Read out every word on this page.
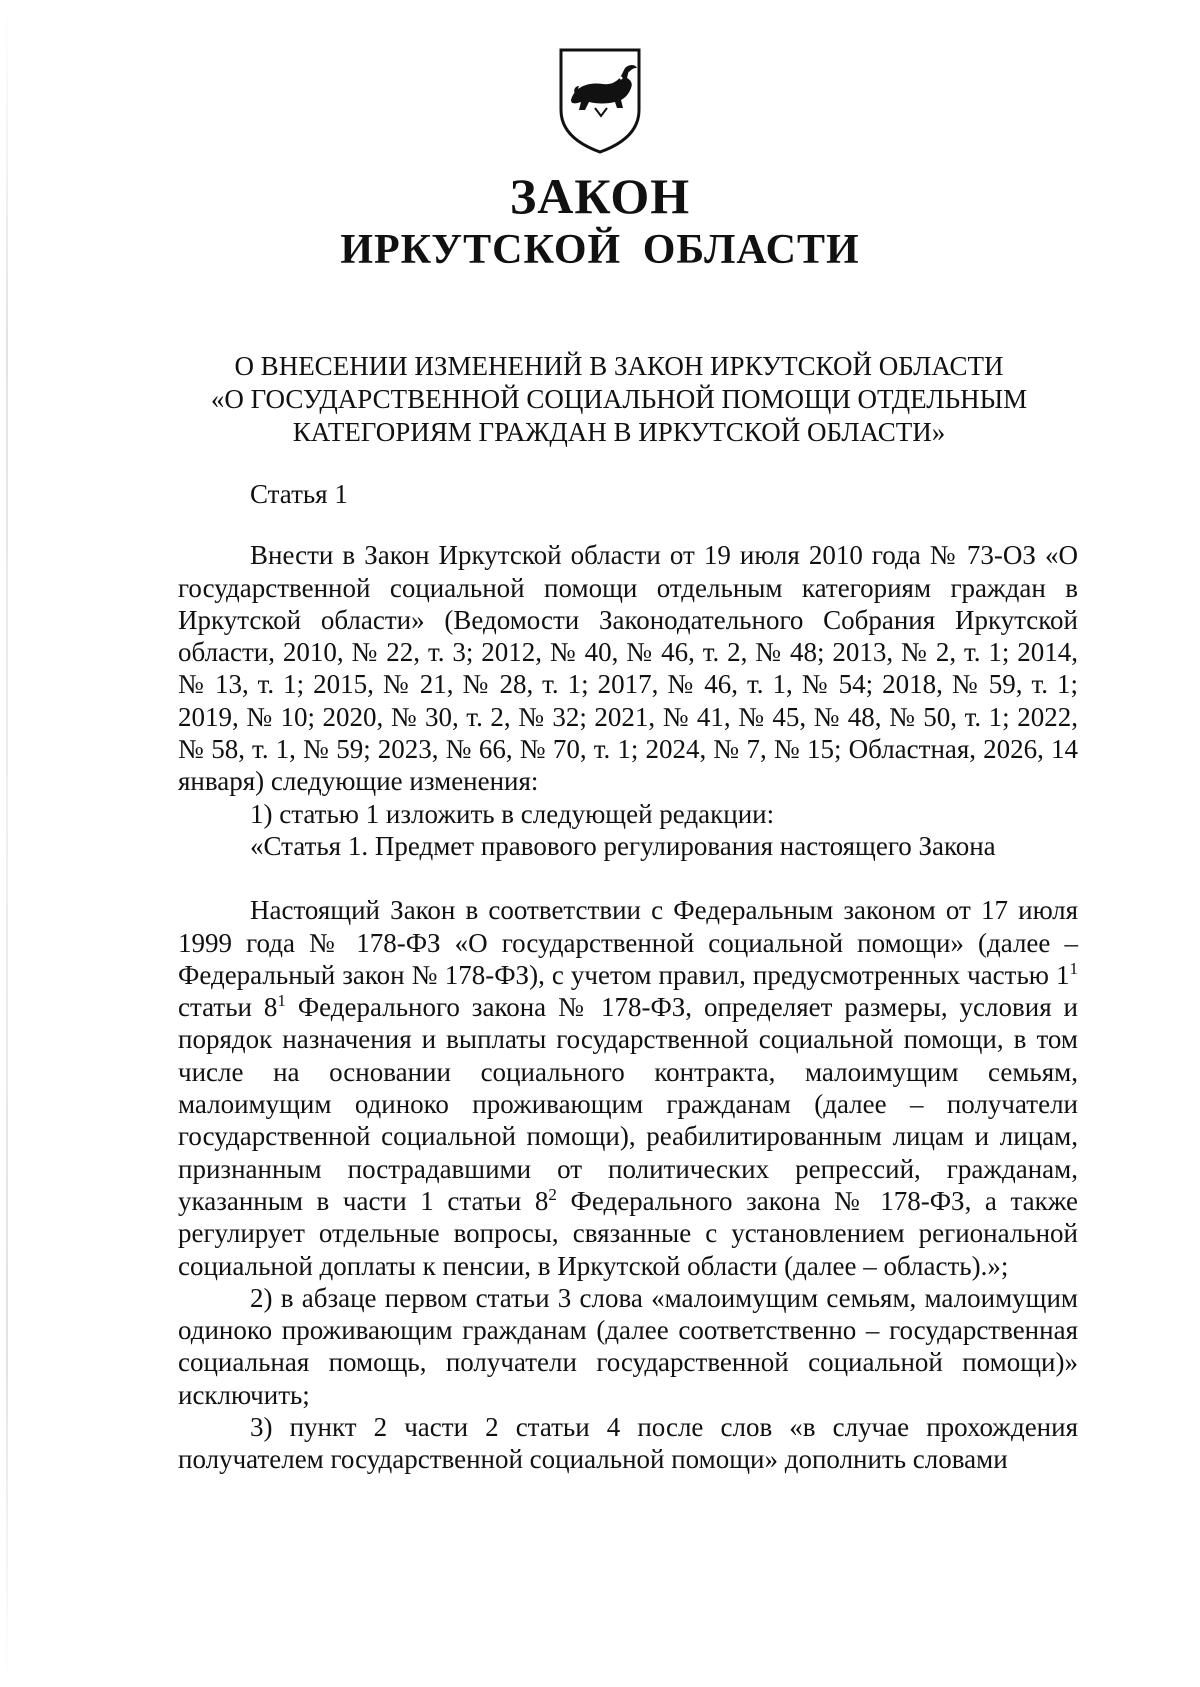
ЗАКОН
ИРКУТСКОЙ ОБЛАСТИ
О ВНЕСЕНИИ ИЗМЕНЕНИЙ В ЗАКОН ИРКУТСКОЙ ОБЛАСТИ
«О ГОСУДАРСТВЕННОЙ СОЦИАЛЬНОЙ ПОМОЩИ ОТДЕЛЬНЫМ
КАТЕГОРИЯМ ГРАЖДАН В ИРКУТСКОЙ ОБЛАСТИ»
Статья 1

Внести в Закон Иркутской области от 19 июля 2010 года № 73-ОЗ «О государственной социальной помощи отдельным категориям граждан в Иркутской области» (Ведомости Законодательного Собрания Иркутской области, 2010, № 22, т. 3; 2012, № 40, № 46, т. 2, № 48; 2013, № 2, т. 1; 2014, № 13, т. 1; 2015, № 21, № 28, т. 1; 2017, № 46, т. 1, № 54; 2018, № 59, т. 1; 2019, № 10; 2020, № 30, т. 2, № 32; 2021, № 41, № 45, № 48, № 50, т. 1; 2022, № 58, т. 1, № 59; 2023, № 66, № 70, т. 1; 2024, № 7, № 15; Областная, 2026, 14 января) следующие изменения:

1) статью 1 изложить в следующей редакции:

«Статья 1. Предмет правового регулирования настоящего Закона

Настоящий Закон в соответствии с Федеральным законом от 17 июля 1999 года № 178-ФЗ «О государственной социальной помощи» (далее – Федеральный закон № 178-ФЗ), с учетом правил, предусмотренных частью $1^1$ статьи $8^1$ Федерального закона № 178-ФЗ, определяет размеры, условия и порядок назначения и выплаты государственной социальной помощи, в том числе на основании социального контракта, малоимущим семьям, малоимущим одиноко проживающим гражданам (далее – получатели государственной социальной помощи), реабилитированным лицам и лицам, признанным пострадавшими от политических репрессий, гражданам, указанным в части 1 статьи $8^2$ Федерального закона № 178-ФЗ, а также регулирует отдельные вопросы, связанные с установлением региональной социальной доплаты к пенсии, в Иркутской области (далее – область).»;

2) в абзаце первом статьи 3 слова «малоимущим семьям, малоимущим одиноко проживающим гражданам (далее соответственно – государственная социальная помощь, получатели государственной социальной помощи)» исключить;

3) пункт 2 части 2 статьи 4 после слов «в случае прохождения получателем государственной социальной помощи» дополнить словами
